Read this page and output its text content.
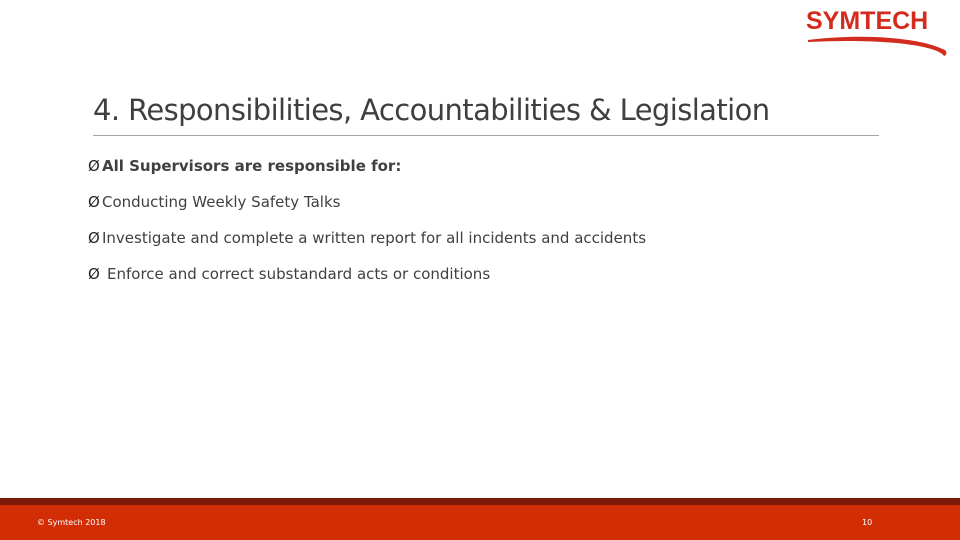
SYMTECH
4. Responsibilities, Accountabilities & Legislation
Ø All Supervisors are responsible for:
Ø Conducting Weekly Safety Talks
Ø Investigate and complete a written report for all incidents and accidents
Ø Enforce and correct substandard acts or conditions
© Symtech 2018	10
